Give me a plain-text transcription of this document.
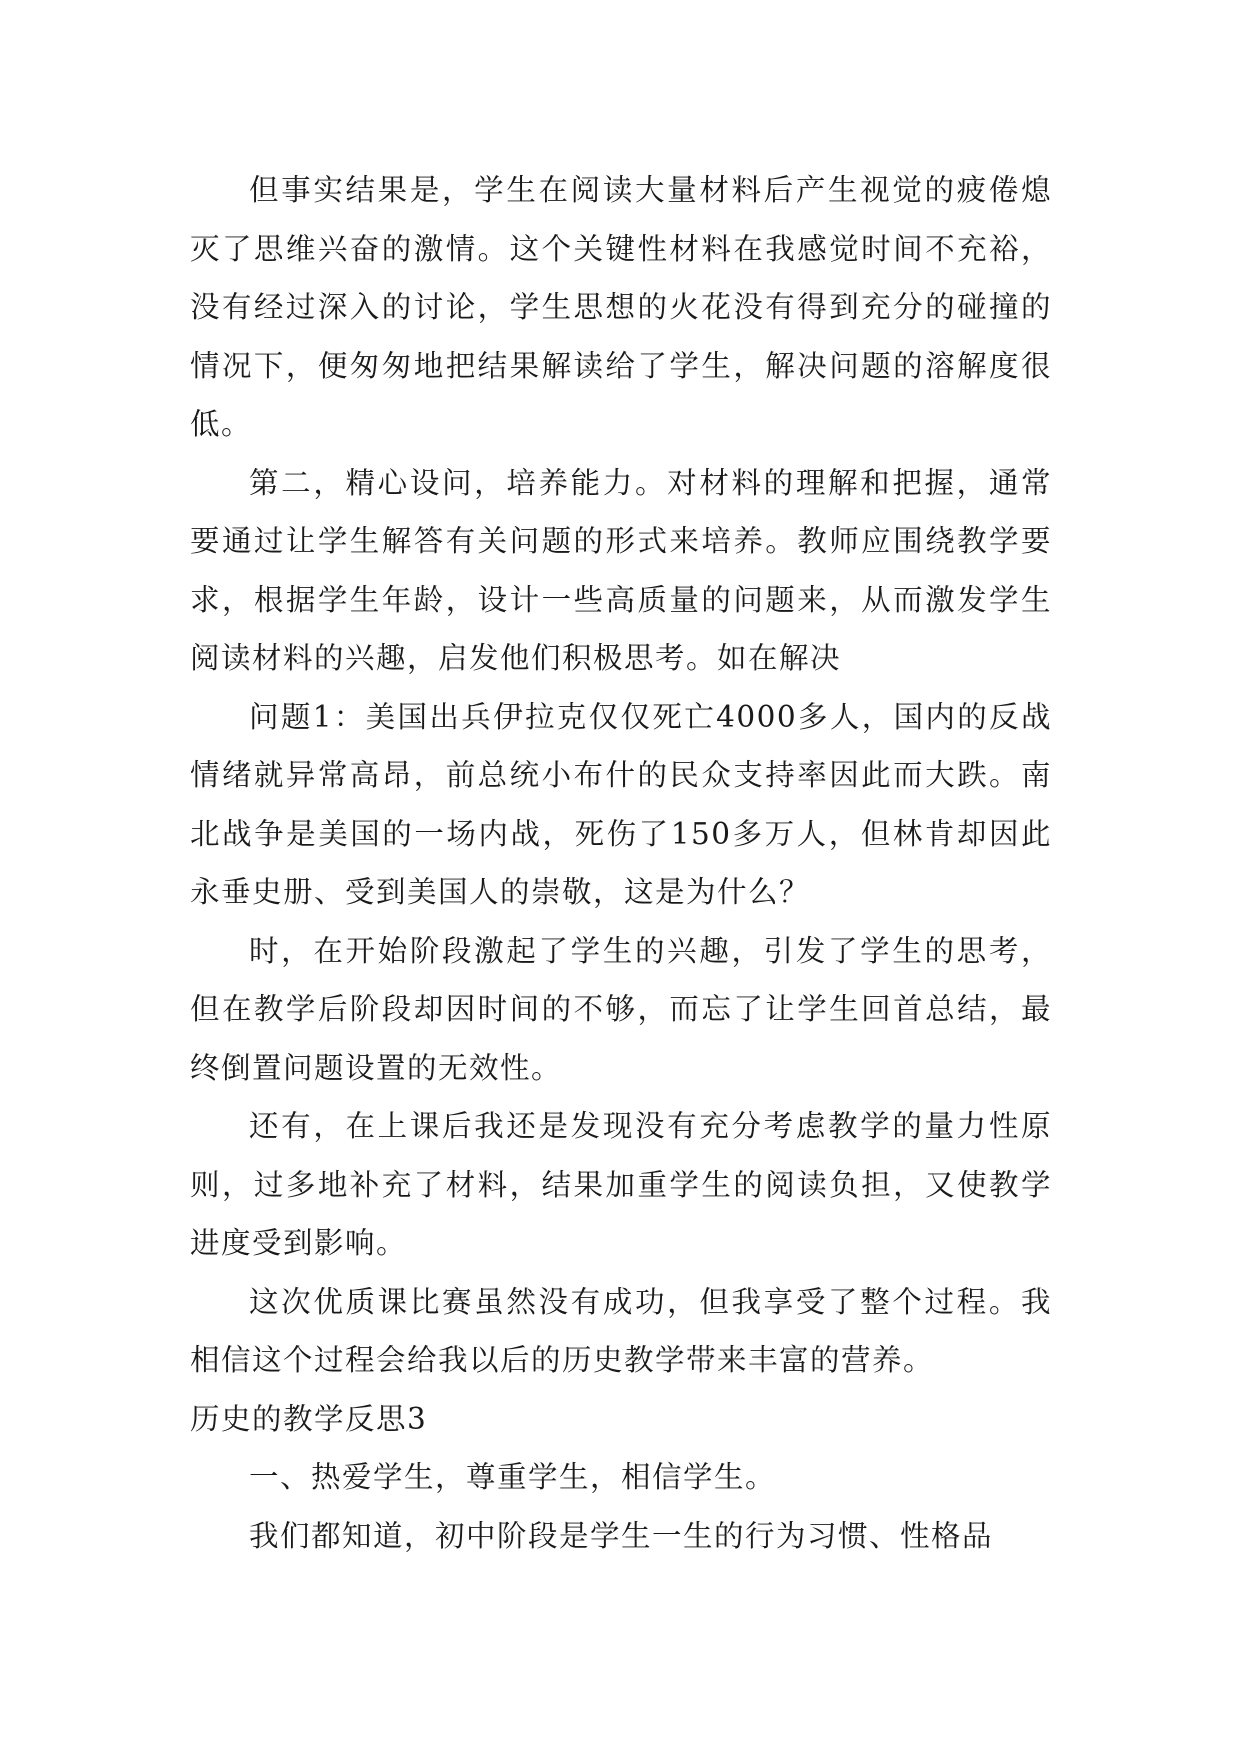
但事实结果是，学生在阅读大量材料后产生视觉的疲倦熄灭了思维兴奋的激情。这个关键性材料在我感觉时间不充裕，没有经过深入的讨论，学生思想的火花没有得到充分的碰撞的情况下，便匆匆地把结果解读给了学生，解决问题的溶解度很低。

第二，精心设问，培养能力。对材料的理解和把握，通常要通过让学生解答有关问题的形式来培养。教师应围绕教学要求，根据学生年龄，设计一些高质量的问题来，从而激发学生阅读材料的兴趣，启发他们积极思考。如在解决

问题1：美国出兵伊拉克仅仅死亡4000多人，国内的反战情绪就异常高昂，前总统小布什的民众支持率因此而大跌。南北战争是美国的一场内战，死伤了150多万人，但林肯却因此永垂史册、受到美国人的崇敬，这是为什么？

时，在开始阶段激起了学生的兴趣，引发了学生的思考，但在教学后阶段却因时间的不够，而忘了让学生回首总结，最终倒置问题设置的无效性。

还有，在上课后我还是发现没有充分考虑教学的量力性原则，过多地补充了材料，结果加重学生的阅读负担，又使教学进度受到影响。

这次优质课比赛虽然没有成功，但我享受了整个过程。我相信这个过程会给我以后的历史教学带来丰富的营养。

历史的教学反思3

一、热爱学生，尊重学生，相信学生。

我们都知道，初中阶段是学生一生的行为习惯、性格品
